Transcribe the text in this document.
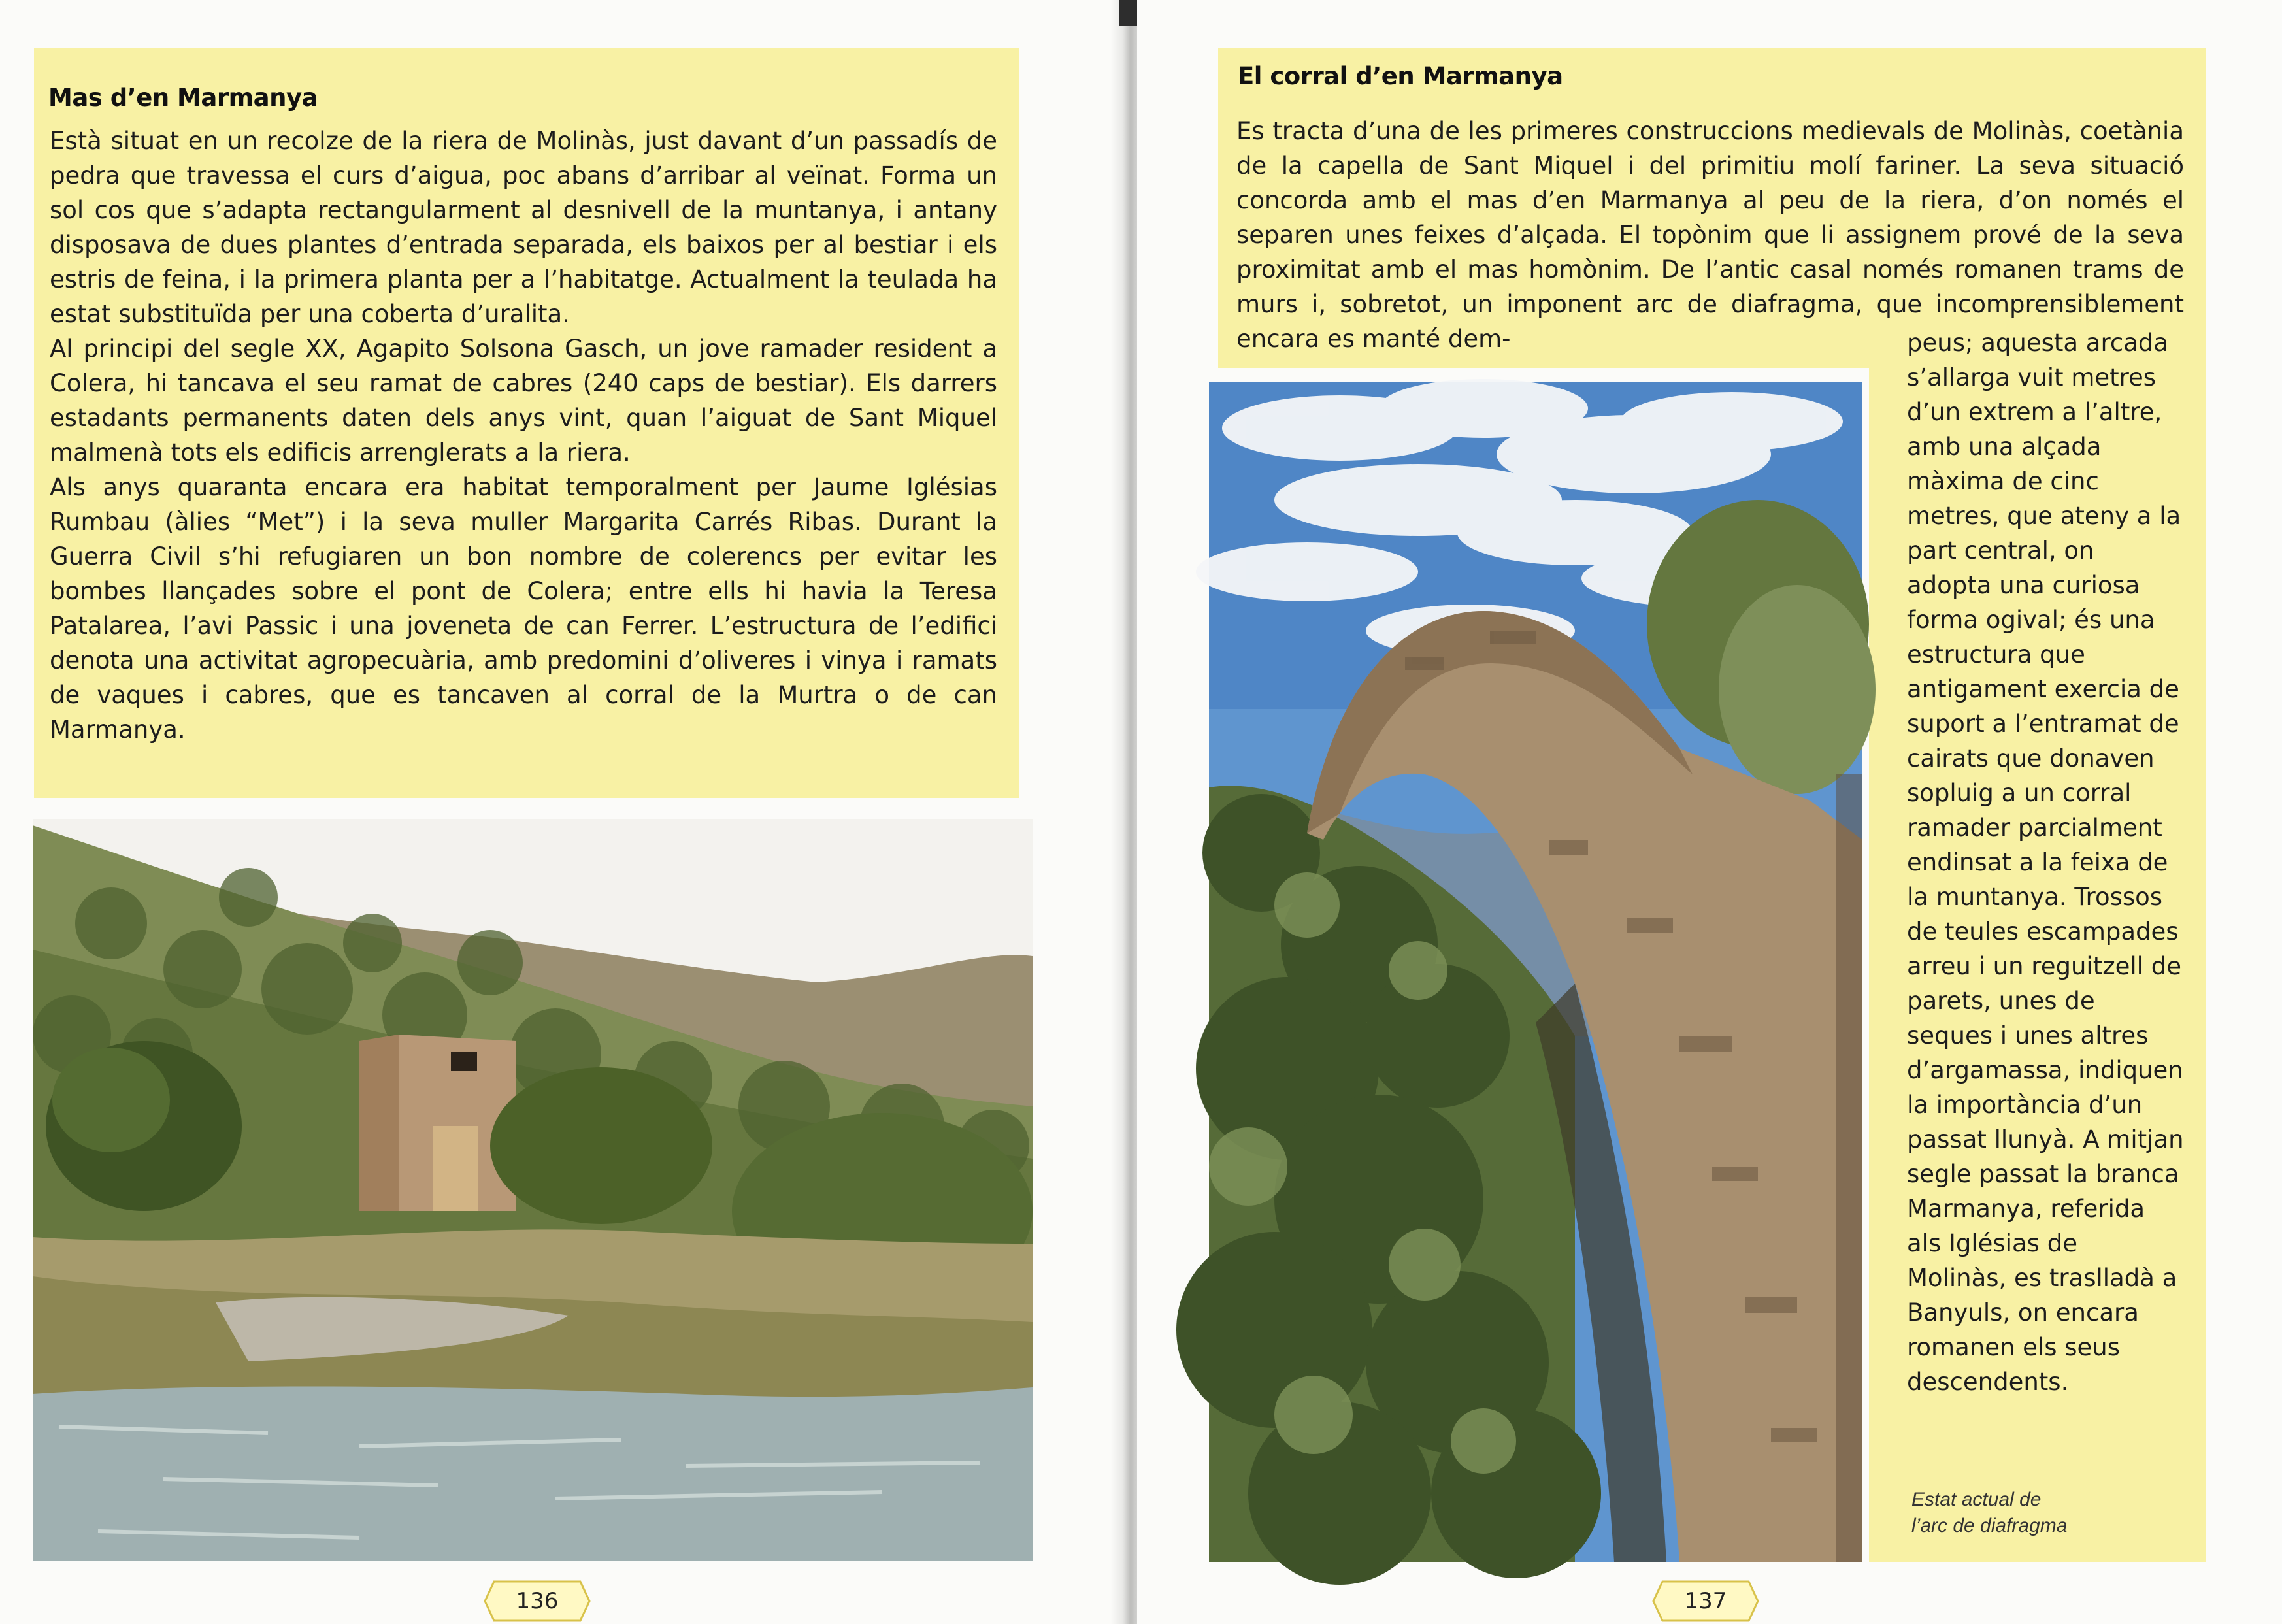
Mas d’en Marmanya

Està situat en un recolze de la riera de Molinàs, just davant d’un passadís de pedra que travessa el curs d’aigua, poc abans d’arribar al veïnat. Forma un sol cos que s’adapta rectangularment al desnivell de la muntanya, i antany disposava de dues plantes d’entrada separada, els baixos per al bestiar i els estris de feina, i la primera planta per a l’habitatge. Actualment la teulada ha estat substituïda per una coberta d’uralita.

Al principi del segle XX, Agapito Solsona Gasch, un jove ramader resident a Colera, hi tancava el seu ramat de cabres (240 caps de bestiar). Els darrers estadants permanents daten dels anys vint, quan l’aiguat de Sant Miquel malmenà tots els edificis arrenglerats a la riera.

Als anys quaranta encara era habitat temporalment per Jaume Iglésias Rumbau (àlies “Met”) i la seva muller Margarita Carrés Ribas. Durant la Guerra Civil s’hi refugiaren un bon nombre de colerencs per evitar les bombes llançades sobre el pont de Colera; entre ells hi havia la Teresa Patalarea, l’avi Passic i una joveneta de can Ferrer. L’estructura de l’edifici denota una activitat agropecuària, amb predomini d’oliveres i vinya i ramats de vaques i cabres, que es tancaven al corral de la Murtra o de can Marmanya.

136
El corral d’en Marmanya
Es tracta d’una de les primeres construccions medievals de Molinàs, coetània de la capella de Sant Miquel i del primitiu molí fariner. La seva situació concorda amb el mas d’en Marmanya al peu de la riera, d’on només el separen unes feixes d’alçada. El topònim que li assignem prové de la seva proximitat amb el mas homònim. De l’antic casal només romanen trams de murs i, sobretot, un imponent arc de diafragma, que incomprensiblement encara es manté dem-	peus; aquesta arcada s’allarga vuit metres d’un extrem a l’altre, amb una alçada màxima de cinc metres, que ateny a la part central, on adopta una curiosa forma ogival; és una estructura que antigament exercia de suport a l’entramat de cairats que donaven sopluig a un corral ramader parcialment endinsat a la feixa de la muntanya. Trossos de teules escampades arreu i un reguitzell de parets, unes de seques i unes altres d’argamassa, indiquen la importància d’un passat llunyà. A mitjan segle passat la branca Marmanya, referida als Iglésias de Molinàs, es traslladà a Banyuls, on encara romanen els seus descendents.
Estat actual de
l’arc de diafragma
137
